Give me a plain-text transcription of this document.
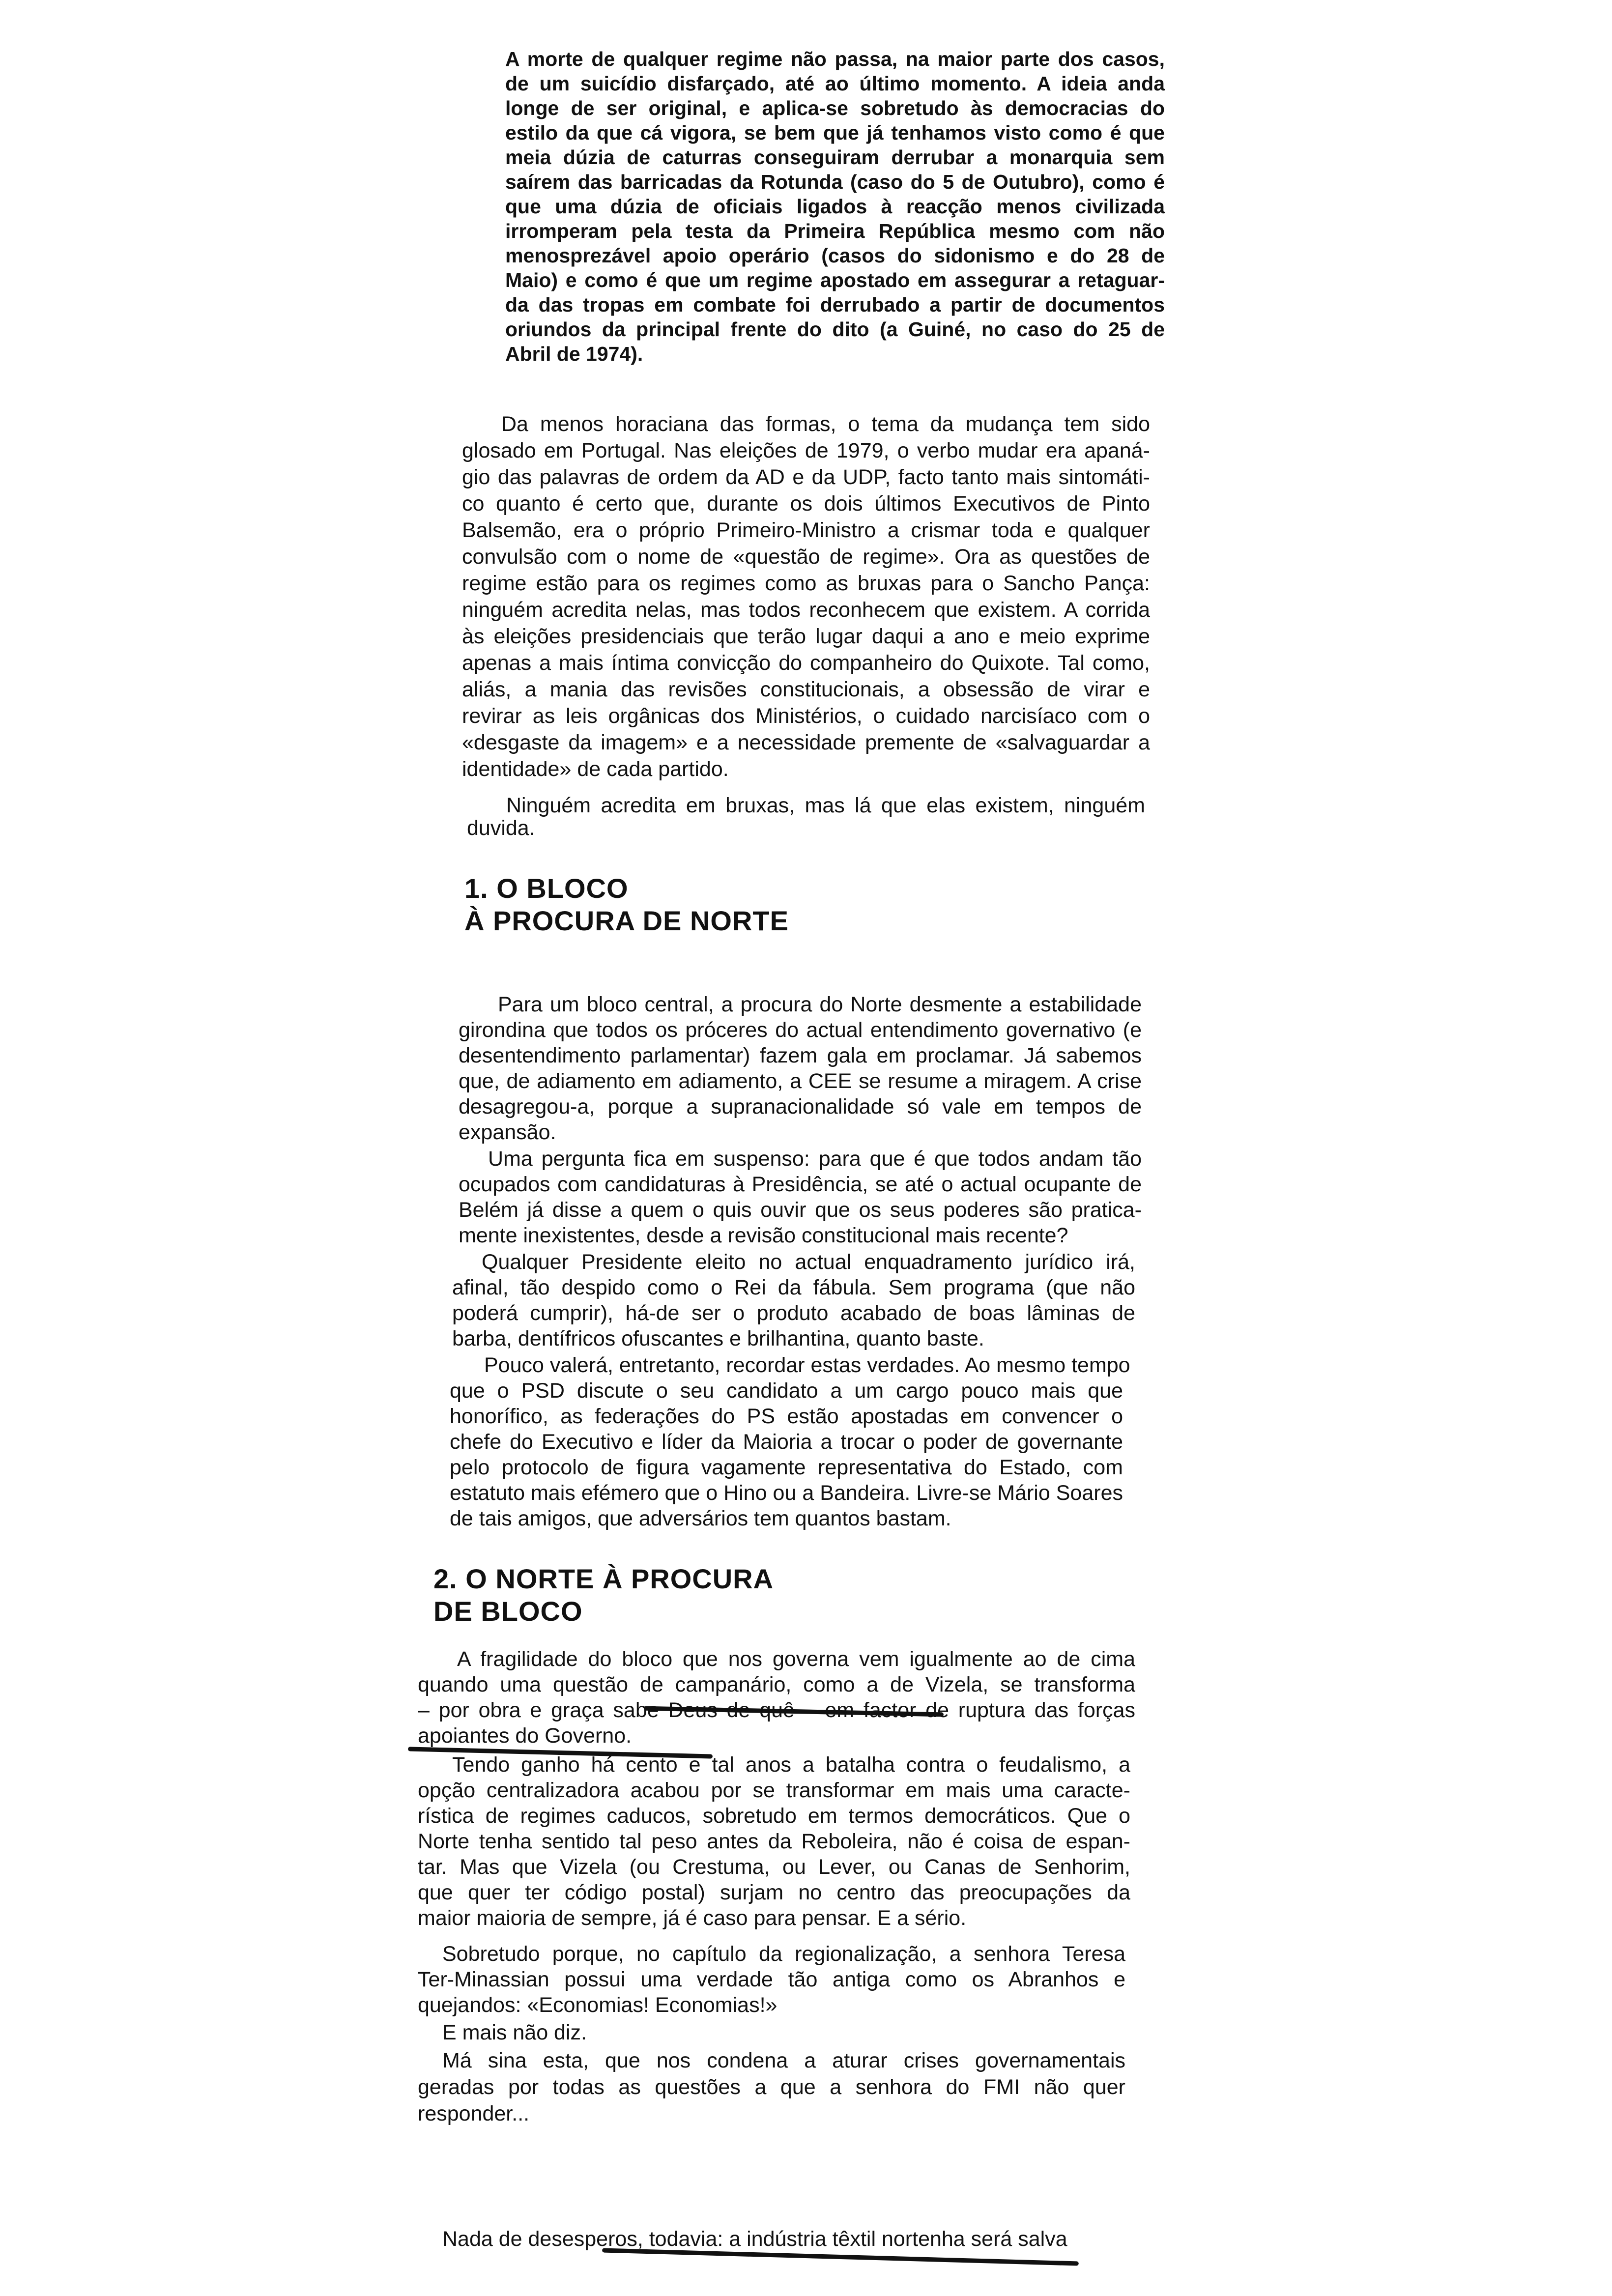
1. O BLOCO
À PROCURA DE NORTE
2. O NORTE À PROCURA
DE BLOCO
A morte de qualquer regime não passa, na maior parte dos casos,
de um suicídio disfarçado, até ao último momento. A ideia anda
longe de ser original, e aplica-se sobretudo às democracias do
estilo da que cá vigora, se bem que já tenhamos visto como é que
meia dúzia de caturras conseguiram derrubar a monarquia sem
saírem das barricadas da Rotunda (caso do 5 de Outubro), como é
que uma dúzia de oficiais ligados à reacção menos civilizada
irromperam pela testa da Primeira República mesmo com não
menosprezável apoio operário (casos do sidonismo e do 28 de
Maio) e como é que um regime apostado em assegurar a retaguar-
da das tropas em combate foi derrubado a partir de documentos
oriundos da principal frente do dito (a Guiné, no caso do 25 de
Abril de 1974).
Da menos horaciana das formas, o tema da mudança tem sido
glosado em Portugal. Nas eleições de 1979, o verbo mudar era apaná-
gio das palavras de ordem da AD e da UDP, facto tanto mais sintomáti-
co quanto é certo que, durante os dois últimos Executivos de Pinto
Balsemão, era o próprio Primeiro-Ministro a crismar toda e qualquer
convulsão com o nome de «questão de regime». Ora as questões de
regime estão para os regimes como as bruxas para o Sancho Pança:
ninguém acredita nelas, mas todos reconhecem que existem. A corrida
às eleições presidenciais que terão lugar daqui a ano e meio exprime
apenas a mais íntima convicção do companheiro do Quixote. Tal como,
aliás, a mania das revisões constitucionais, a obsessão de virar e
revirar as leis orgânicas dos Ministérios, o cuidado narcisíaco com o
«desgaste da imagem» e a necessidade premente de «salvaguardar a
identidade» de cada partido.
Ninguém acredita em bruxas, mas lá que elas existem, ninguém
duvida.
Para um bloco central, a procura do Norte desmente a estabilidade
girondina que todos os próceres do actual entendimento governativo (e
desentendimento parlamentar) fazem gala em proclamar. Já sabemos
que, de adiamento em adiamento, a CEE se resume a miragem. A crise
desagregou-a, porque a supranacionalidade só vale em tempos de
expansão.
Uma pergunta fica em suspenso: para que é que todos andam tão
ocupados com candidaturas à Presidência, se até o actual ocupante de
Belém já disse a quem o quis ouvir que os seus poderes são pratica-
mente inexistentes, desde a revisão constitucional mais recente?
Qualquer Presidente eleito no actual enquadramento jurídico irá,
afinal, tão despido como o Rei da fábula. Sem programa (que não
poderá cumprir), há-de ser o produto acabado de boas lâminas de
barba, dentífricos ofuscantes e brilhantina, quanto baste.
Pouco valerá, entretanto, recordar estas verdades. Ao mesmo tempo
que o PSD discute o seu candidato a um cargo pouco mais que
honorífico, as federações do PS estão apostadas em convencer o
chefe do Executivo e líder da Maioria a trocar o poder de governante
pelo protocolo de figura vagamente representativa do Estado, com
estatuto mais efémero que o Hino ou a Bandeira. Livre-se Mário Soares
de tais amigos, que adversários tem quantos bastam.
A fragilidade do bloco que nos governa vem igualmente ao de cima
quando uma questão de campanário, como a de Vizela, se transforma
– por obra e graça sabe Deus de quê – em factor de ruptura das forças
apoiantes do Governo.
Tendo ganho há cento e tal anos a batalha contra o feudalismo, a
opção centralizadora acabou por se transformar em mais uma caracte-
rística de regimes caducos, sobretudo em termos democráticos. Que o
Norte tenha sentido tal peso antes da Reboleira, não é coisa de espan-
tar. Mas que Vizela (ou Crestuma, ou Lever, ou Canas de Senhorim,
que quer ter código postal) surjam no centro das preocupações da
maior maioria de sempre, já é caso para pensar. E a sério.
Sobretudo porque, no capítulo da regionalização, a senhora Teresa
Ter-Minassian possui uma verdade tão antiga como os Abranhos e
quejandos: «Economias! Economias!»
E mais não diz.
Má sina esta, que nos condena a aturar crises governamentais
geradas por todas as questões a que a senhora do FMI não quer
responder...
Nada de desesperos, todavia: a indústria têxtil nortenha será salva
